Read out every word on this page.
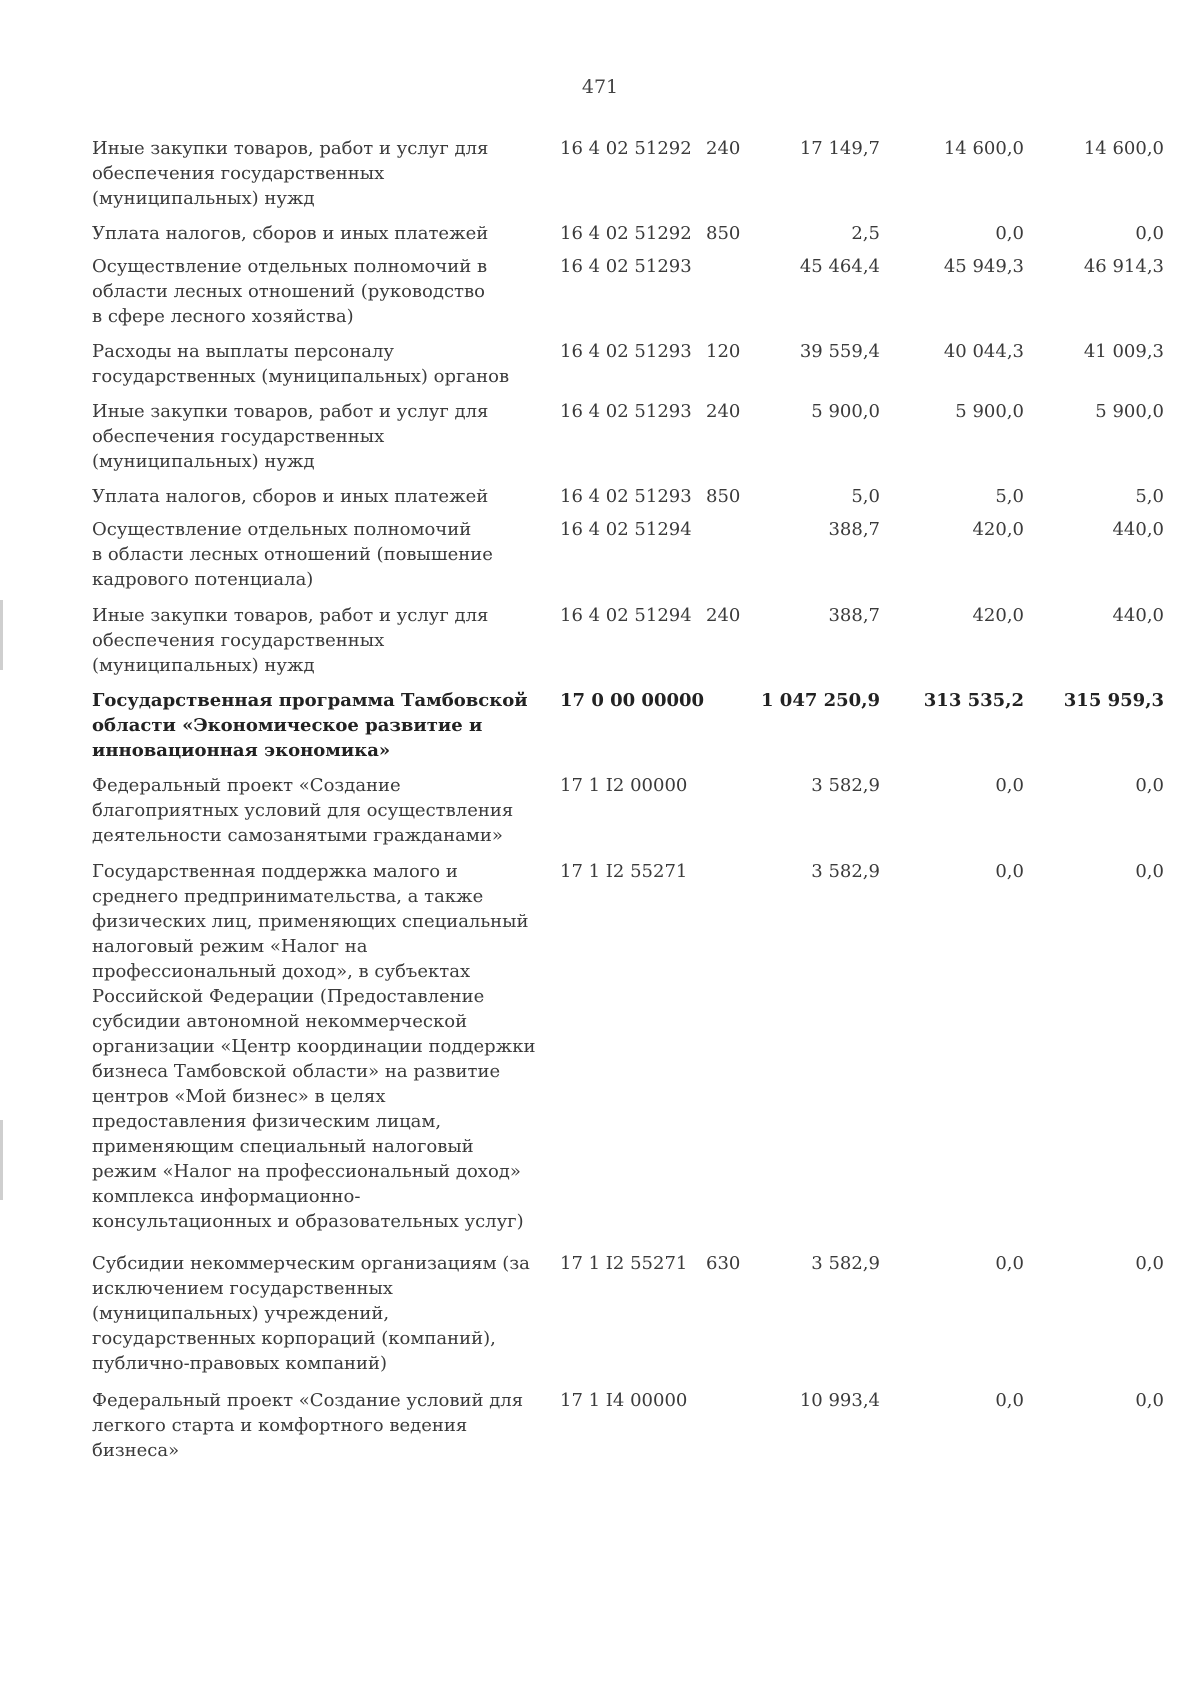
471
Иные закупки товаров, работ и услуг для
обеспечения государственных
(муниципальных) нужд
16 4 02 51292 240	17 149,7	14 600,0	14 600,0
Уплата налогов, сборов и иных платежей	16 4 02 51292 850	2,5	0,0	0,0
Осуществление отдельных полномочий в
области лесных отношений (руководство
в сфере лесного хозяйства)
16 4 02 51293	45 464,4	45 949,3	46 914,3
Расходы на выплаты персоналу
государственных (муниципальных) органов
16 4 02 51293 120	39 559,4	40 044,3	41 009,3
Иные закупки товаров, работ и услуг для
обеспечения государственных
(муниципальных) нужд
16 4 02 51293 240	5 900,0	5 900,0	5 900,0
Уплата налогов, сборов и иных платежей	16 4 02 51293 850	5,0	5,0	5,0
Осуществление отдельных полномочий
в области лесных отношений (повышение
кадрового потенциала)
16 4 02 51294	388,7	420,0	440,0
Иные закупки товаров, работ и услуг для
обеспечения государственных
(муниципальных) нужд
16 4 02 51294 240	388,7	420,0	440,0
Государственная программа Тамбовской
области «Экономическое развитие и
инновационная экономика»
17 0 00 00000	1 047 250,9	313 535,2	315 959,3
Федеральный проект «Создание
благоприятных условий для осуществления
деятельности самозанятыми гражданами»
17 1 I2 00000	3 582,9	0,0	0,0
Государственная поддержка малого и
среднего предпринимательства, а также
физических лиц, применяющих специальный
налоговый режим «Налог на
профессиональный доход», в субъектах
Российской Федерации (Предоставление
субсидии автономной некоммерческой
организации «Центр координации поддержки
бизнеса Тамбовской области» на развитие
центров «Мой бизнес» в целях
предоставления физическим лицам,
применяющим специальный налоговый
режим «Налог на профессиональный доход»
комплекса информационно-
консультационных и образовательных услуг)
17 1 I2 55271	3 582,9	0,0	0,0
Субсидии некоммерческим организациям (за
исключением государственных
(муниципальных) учреждений,
государственных корпораций (компаний),
публично-правовых компаний)
17 1 I2 55271 630	3 582,9	0,0	0,0
Федеральный проект «Создание условий для
легкого старта и комфортного ведения
бизнеса»
17 1 I4 00000	10 993,4	0,0	0,0
